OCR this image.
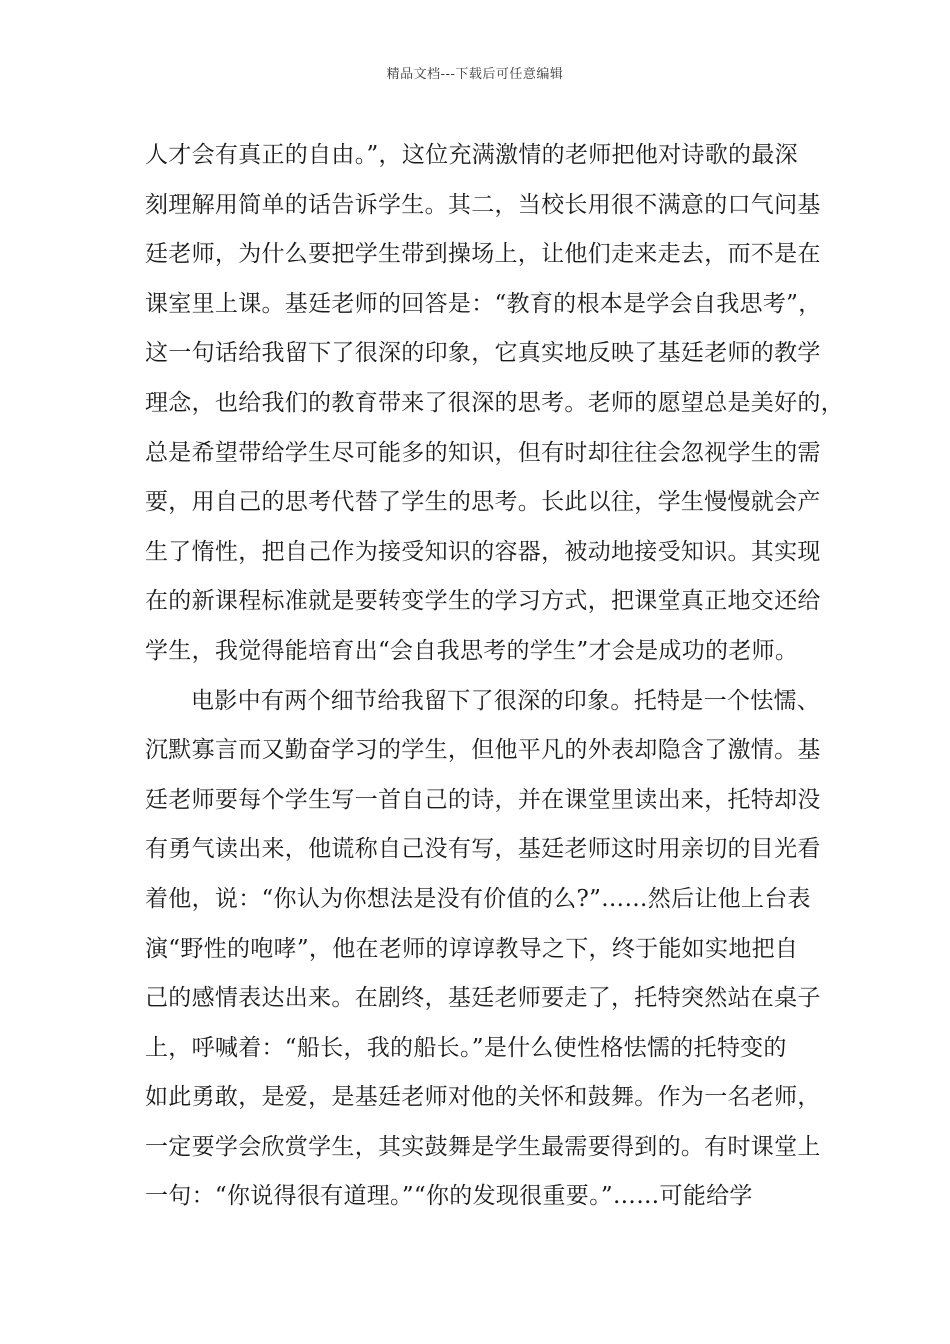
精品文档---下载后可任意编辑
人才会有真正的自由。”，这位充满激情的老师把他对诗歌的最深
刻理解用简单的话告诉学生。其二，当校长用很不满意的口气问基
廷老师，为什么要把学生带到操场上，让他们走来走去，而不是在
课室里上课。基廷老师的回答是：“教育的根本是学会自我思考”，
这一句话给我留下了很深的印象，它真实地反映了基廷老师的教学
理念，也给我们的教育带来了很深的思考。老师的愿望总是美好的，
总是希望带给学生尽可能多的知识，但有时却往往会忽视学生的需
要，用自己的思考代替了学生的思考。长此以往，学生慢慢就会产
生了惰性，把自己作为接受知识的容器，被动地接受知识。其实现
在的新课程标准就是要转变学生的学习方式，把课堂真正地交还给
学生，我觉得能培育出“会自我思考的学生”才会是成功的老师。
电影中有两个细节给我留下了很深的印象。托特是一个怯懦、
沉默寡言而又勤奋学习的学生，但他平凡的外表却隐含了激情。基
廷老师要每个学生写一首自己的诗，并在课堂里读出来，托特却没
有勇气读出来，他谎称自己没有写，基廷老师这时用亲切的目光看
着他，说：“你认为你想法是没有价值的么?”……然后让他上台表
演“野性的咆哮”，他在老师的谆谆教导之下，终于能如实地把自
己的感情表达出来。在剧终，基廷老师要走了，托特突然站在桌子
上，呼喊着：“船长，我的船长。”是什么使性格怯懦的托特变的
如此勇敢，是爱，是基廷老师对他的关怀和鼓舞。作为一名老师，
一定要学会欣赏学生，其实鼓舞是学生最需要得到的。有时课堂上
一句：“你说得很有道理。”“你的发现很重要。”……可能给学
